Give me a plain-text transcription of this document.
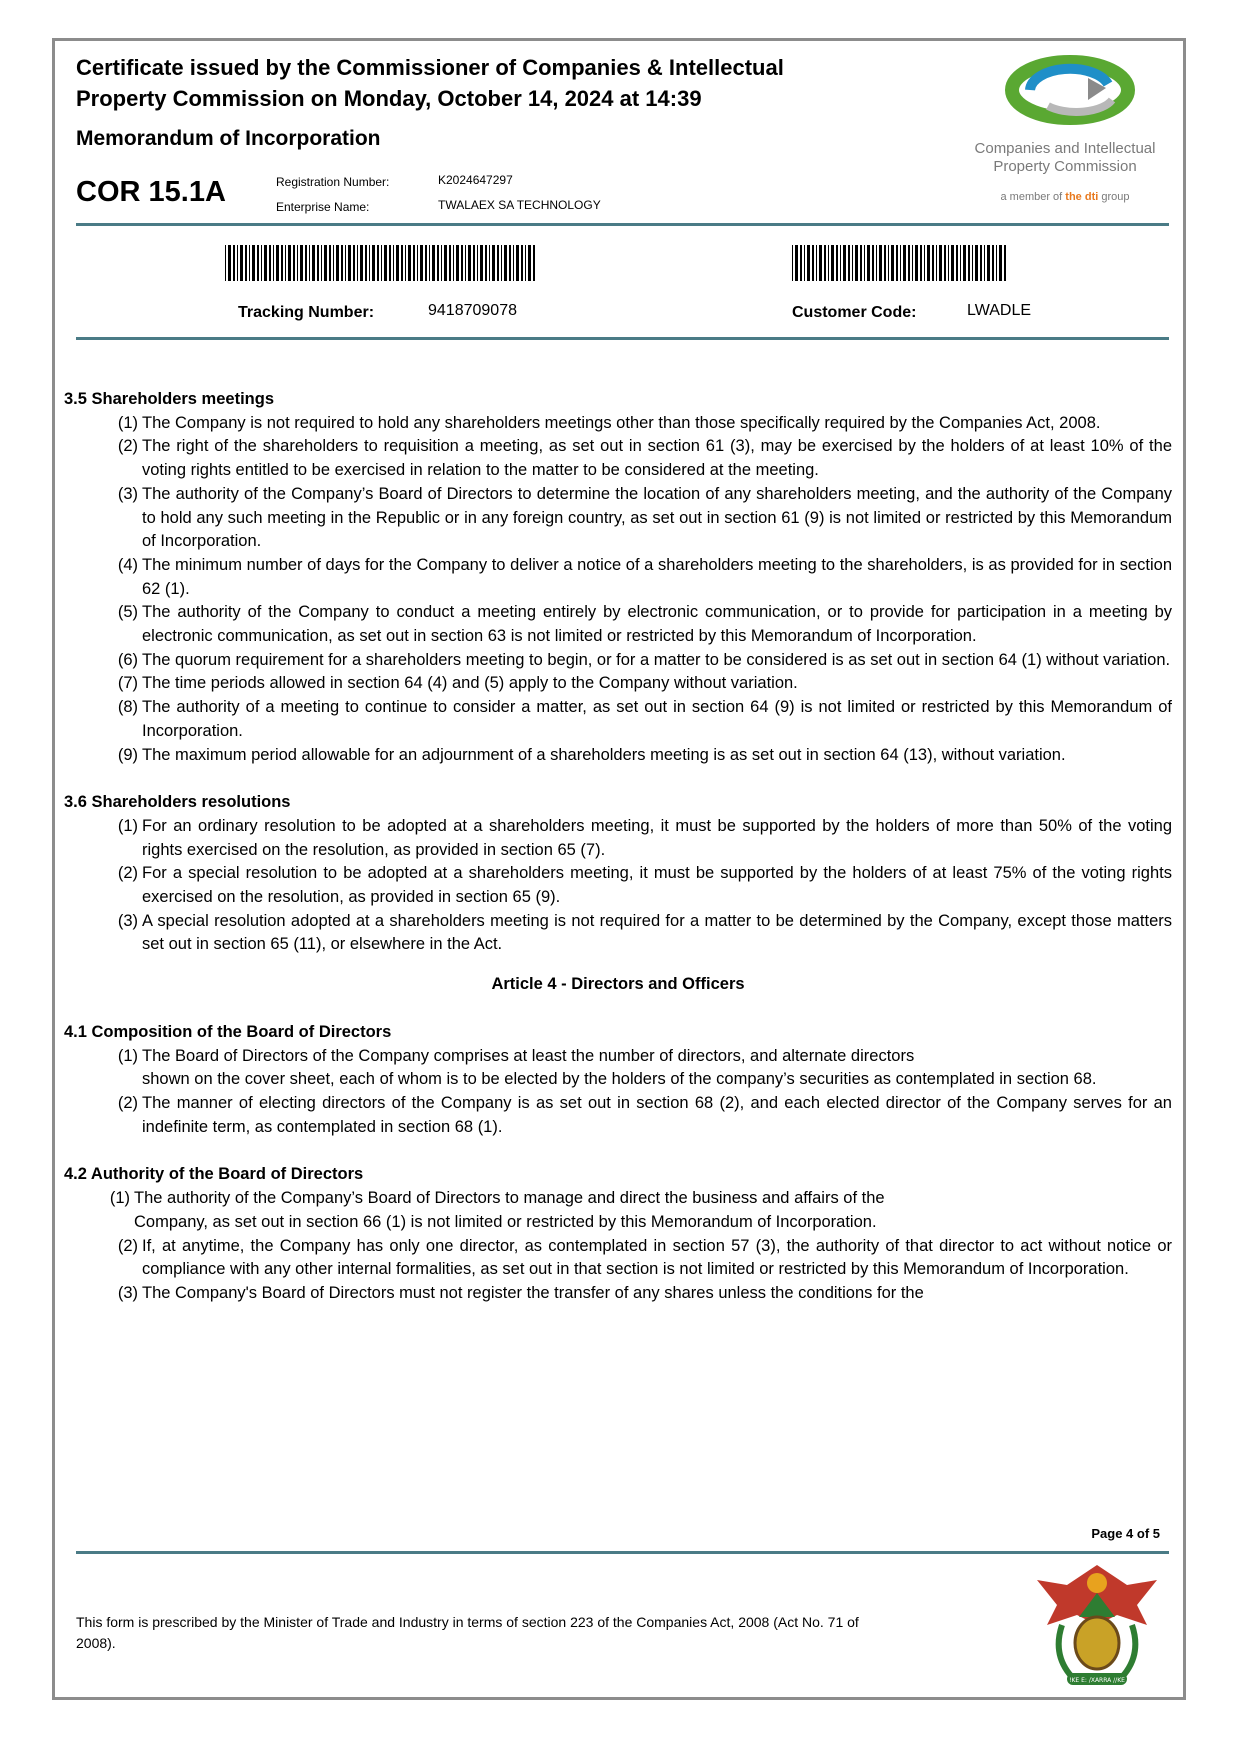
Certificate issued by the Commissioner of Companies & Intellectual Property Commission on Monday, October 14, 2024 at 14:39
Memorandum of Incorporation
COR 15.1A	Registration Number:	K2024647297
Enterprise Name:	TWALAEX SA TECHNOLOGY
Companies and Intellectual
Property Commission
a member of the dti group
Tracking Number:	9418709078	Customer Code:	LWADLE
3.5 Shareholders meetings
(1) The Company is not required to hold any shareholders meetings other than those specifically required by the Companies Act, 2008.
(2) The right of the shareholders to requisition a meeting, as set out in section 61 (3), may be exercised by the holders of at least 10% of the voting rights entitled to be exercised in relation to the matter to be considered at the meeting.
(3) The authority of the Company’s Board of Directors to determine the location of any shareholders meeting, and the authority of the Company to hold any such meeting in the Republic or in any foreign country, as set out in section 61 (9) is not limited or restricted by this Memorandum of Incorporation.
(4) The minimum number of days for the Company to deliver a notice of a shareholders meeting to the shareholders, is as provided for in section 62 (1).
(5) The authority of the Company to conduct a meeting entirely by electronic communication, or to provide for participation in a meeting by electronic communication, as set out in section 63 is not limited or restricted by this Memorandum of Incorporation.
(6) The quorum requirement for a shareholders meeting to begin, or for a matter to be considered is as set out in section 64 (1) without variation.
(7) The time periods allowed in section 64 (4) and (5) apply to the Company without variation.
(8) The authority of a meeting to continue to consider a matter, as set out in section 64 (9) is not limited or restricted by this Memorandum of Incorporation.
(9) The maximum period allowable for an adjournment of a shareholders meeting is as set out in section 64 (13), without variation.
3.6 Shareholders resolutions
(1) For an ordinary resolution to be adopted at a shareholders meeting, it must be supported by the holders of more than 50% of the voting rights exercised on the resolution, as provided in section 65 (7).
(2) For a special resolution to be adopted at a shareholders meeting, it must be supported by the holders of at least 75% of the voting rights exercised on the resolution, as provided in section 65 (9).
(3) A special resolution adopted at a shareholders meeting is not required for a matter to be determined by the Company, except those matters set out in section 65 (11), or elsewhere in the Act.
Article 4 - Directors and Officers
4.1 Composition of the Board of Directors
(1) The Board of Directors of the Company comprises at least the number of directors, and alternate directors
shown on the cover sheet, each of whom is to be elected by the holders of the company’s securities as contemplated in section 68.
(2) The manner of electing directors of the Company is as set out in section 68 (2), and each elected director of the Company serves for an indefinite term, as contemplated in section 68 (1).
4.2 Authority of the Board of Directors
(1) The authority of the Company’s Board of Directors to manage and direct the business and affairs of the
Company, as set out in section 66 (1) is not limited or restricted by this Memorandum of Incorporation.
(2) If, at anytime, the Company has only one director, as contemplated in section 57 (3), the authority of that director to act without notice or compliance with any other internal formalities, as set out in that section is not limited or restricted by this Memorandum of Incorporation.
(3) The Company's Board of Directors must not register the transfer of any shares unless the conditions for the
Page 4 of 5
This form is prescribed by the Minister of Trade and Industry in terms of section 223 of the Companies Act, 2008 (Act No. 71 of 2008).
!KE E: /XARRA //KE
